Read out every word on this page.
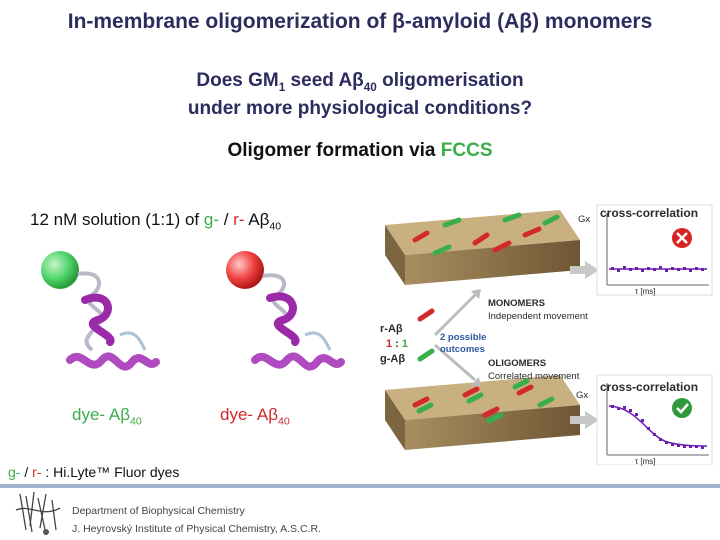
In-membrane oligomerization of β-amyloid (Aβ) monomers
Does $GM_1$ seed $A\beta_{40}$ oligomerisation
under more physiological conditions?
Oligomer formation via FCCS
12 nM solution (1:1) of g- / r- $A\beta_{40}$
dye- $A\beta_{40}$	dye- $A\beta_{40}$
g- / r- : Hi.Lyte™ Fluor dyes
Department of Biophysical Chemistry
J. Heyrovský Institute of Physical Chemistry, A.S.C.R.
cross-correlation
cross-correlation
Gx
Gx
τ [ms]
τ [ms]
MONOMERS
Independent movement
OLIGOMERS
Correlated movement
2 possible
outcomes
r-Aβ
1 : 1
g-Aβ
